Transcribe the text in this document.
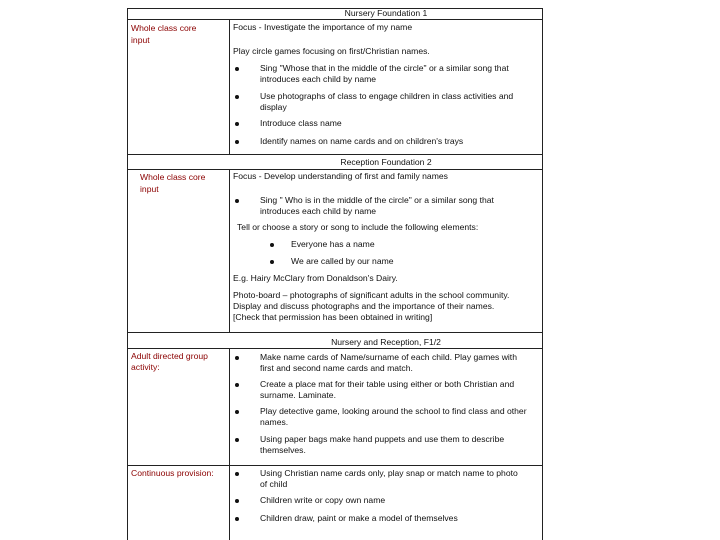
Nursery Foundation 1
Whole class core
input
Focus - Investigate the importance of my name
Play circle games focusing on first/Christian names.
Sing "Whose that in the middle of the circle" or a similar song that
introduces each child by name
Use photographs of class to engage children in class activities and
display
Introduce class name
Identify names on name cards and on children's trays
Reception Foundation 2
Whole class core
input
Focus - Develop understanding of first and family names
Sing " Who is in the middle of the circle" or a similar song that
introduces each child by name
Tell or choose a story or song to include the following elements:
Everyone has a name
We are called by our name
E.g. Hairy McClary from Donaldson's Dairy.
Photo-board – photographs of significant adults in the school community.
Display and discuss photographs and the importance of their names.
[Check that permission has been obtained in writing]
Nursery and Reception, F1/2
Adult directed group
activity:
Make name cards of Name/surname of each child. Play games with
first and second name cards and match.
Create a place mat for their table using either or both Christian and
surname. Laminate.
Play detective game, looking around the school to find class and other
names.
Using paper bags make hand puppets and use them to describe
themselves.
Continuous provision:	Using Christian name cards only, play snap or match name to photo
of child
Children write or copy own name
Children draw, paint or make a model of themselves
